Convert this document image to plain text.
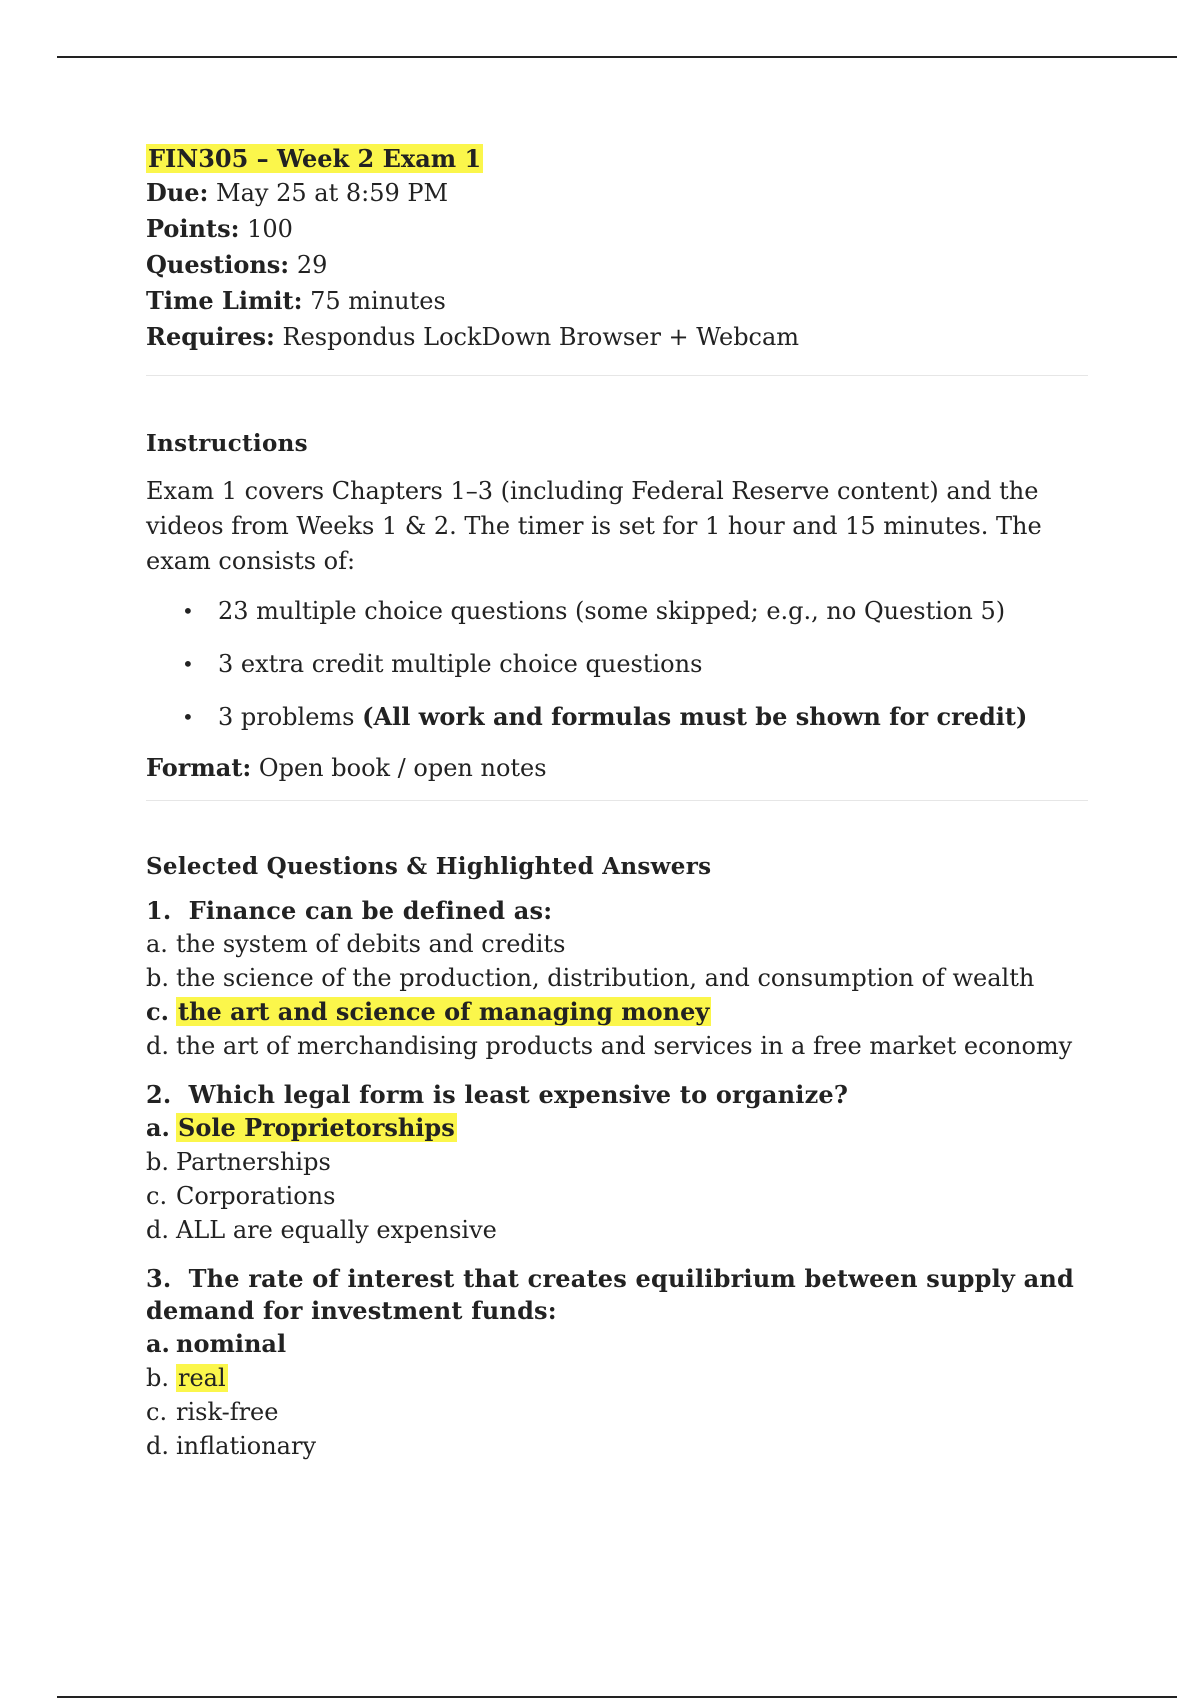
FIN305 – Week 2 Exam 1
Due: May 25 at 8:59 PM
Points: 100
Questions: 29
Time Limit: 75 minutes
Requires: Respondus LockDown Browser + Webcam
Instructions
Exam 1 covers Chapters 1–3 (including Federal Reserve content) and the videos from Weeks 1 & 2. The timer is set for 1 hour and 15 minutes. The exam consists of:
• 23 multiple choice questions (some skipped; e.g., no Question 5)
• 3 extra credit multiple choice questions
• 3 problems (All work and formulas must be shown for credit)
Format: Open book / open notes
Selected Questions & Highlighted Answers
1. Finance can be defined as:
a. the system of debits and credits
b. the science of the production, distribution, and consumption of wealth
c. the art and science of managing money
d. the art of merchandising products and services in a free market economy
2. Which legal form is least expensive to organize?
a. Sole Proprietorships
b. Partnerships
c. Corporations
d. ALL are equally expensive
3. The rate of interest that creates equilibrium between supply and
demand for investment funds:
a. nominal
b. real
c. risk-free
d. inflationary
